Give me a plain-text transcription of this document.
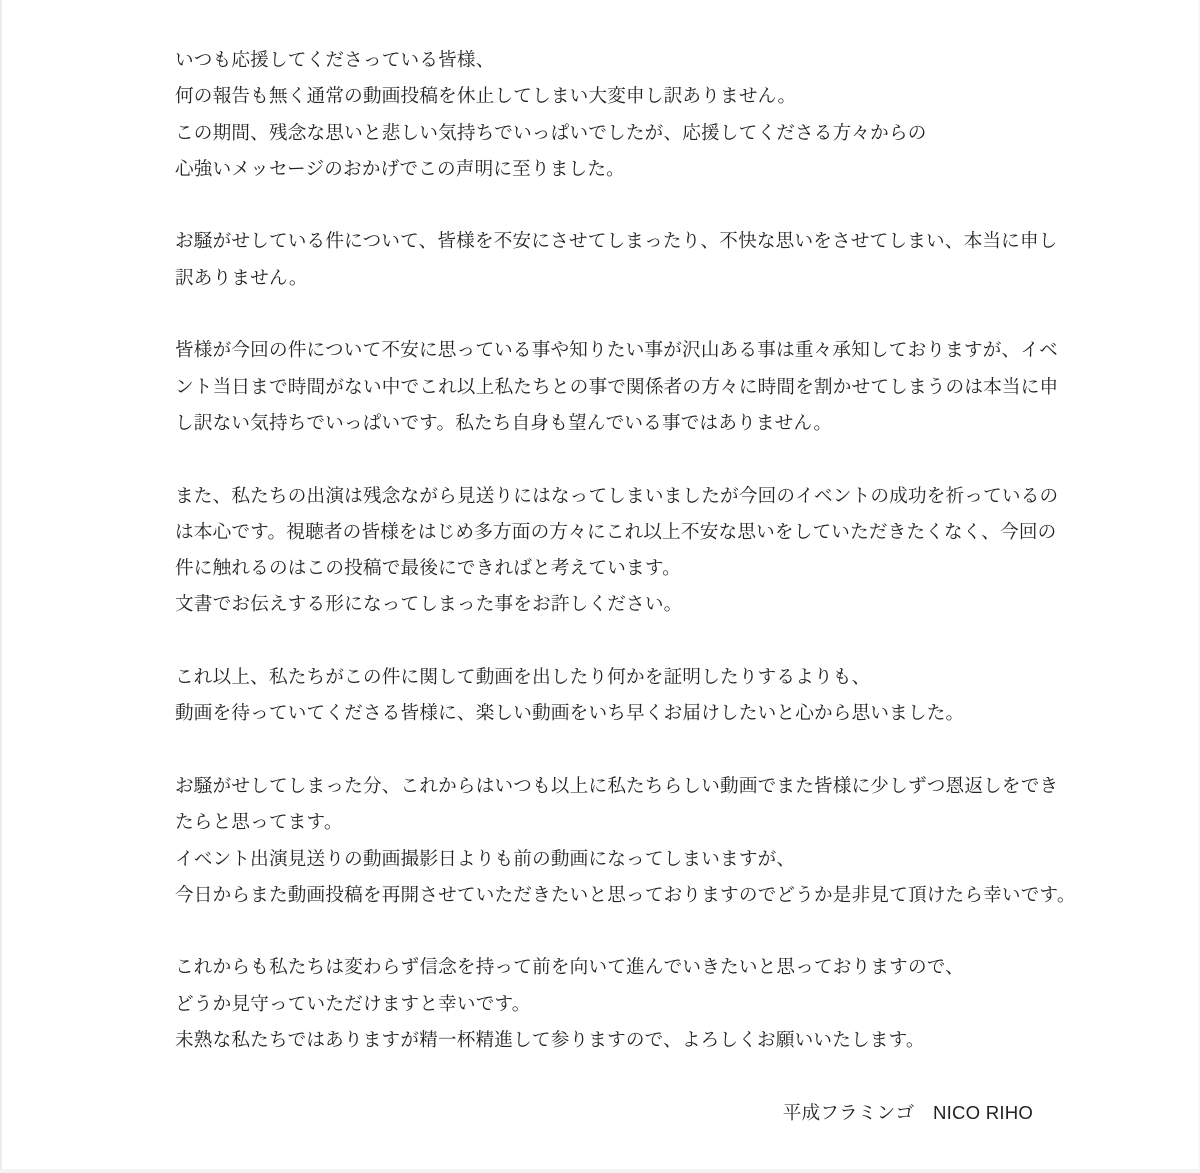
いつも応援してくださっている皆様、
何の報告も無く通常の動画投稿を休止してしまい大変申し訳ありません。
この期間、残念な思いと悲しい気持ちでいっぱいでしたが、応援してくださる方々からの
心強いメッセージのおかげでこの声明に至りました。
お騒がせしている件について、皆様を不安にさせてしまったり、不快な思いをさせてしまい、本当に申し
訳ありません。
皆様が今回の件について不安に思っている事や知りたい事が沢山ある事は重々承知しておりますが、イベ
ント当日まで時間がない中でこれ以上私たちとの事で関係者の方々に時間を割かせてしまうのは本当に申
し訳ない気持ちでいっぱいです。私たち自身も望んでいる事ではありません。
また、私たちの出演は残念ながら見送りにはなってしまいましたが今回のイベントの成功を祈っているの
は本心です。視聴者の皆様をはじめ多方面の方々にこれ以上不安な思いをしていただきたくなく、今回の
件に触れるのはこの投稿で最後にできればと考えています。
文書でお伝えする形になってしまった事をお許しください。
これ以上、私たちがこの件に関して動画を出したり何かを証明したりするよりも、
動画を待っていてくださる皆様に、楽しい動画をいち早くお届けしたいと心から思いました。
お騒がせしてしまった分、これからはいつも以上に私たちらしい動画でまた皆様に少しずつ恩返しをでき
たらと思ってます。
イベント出演見送りの動画撮影日よりも前の動画になってしまいますが、
今日からまた動画投稿を再開させていただきたいと思っておりますのでどうか是非見て頂けたら幸いです。
これからも私たちは変わらず信念を持って前を向いて進んでいきたいと思っておりますので、
どうか見守っていただけますと幸いです。
未熟な私たちではありますが精一杯精進して参りますので、よろしくお願いいたします。
平成フラミンゴ　NICO RIHO
